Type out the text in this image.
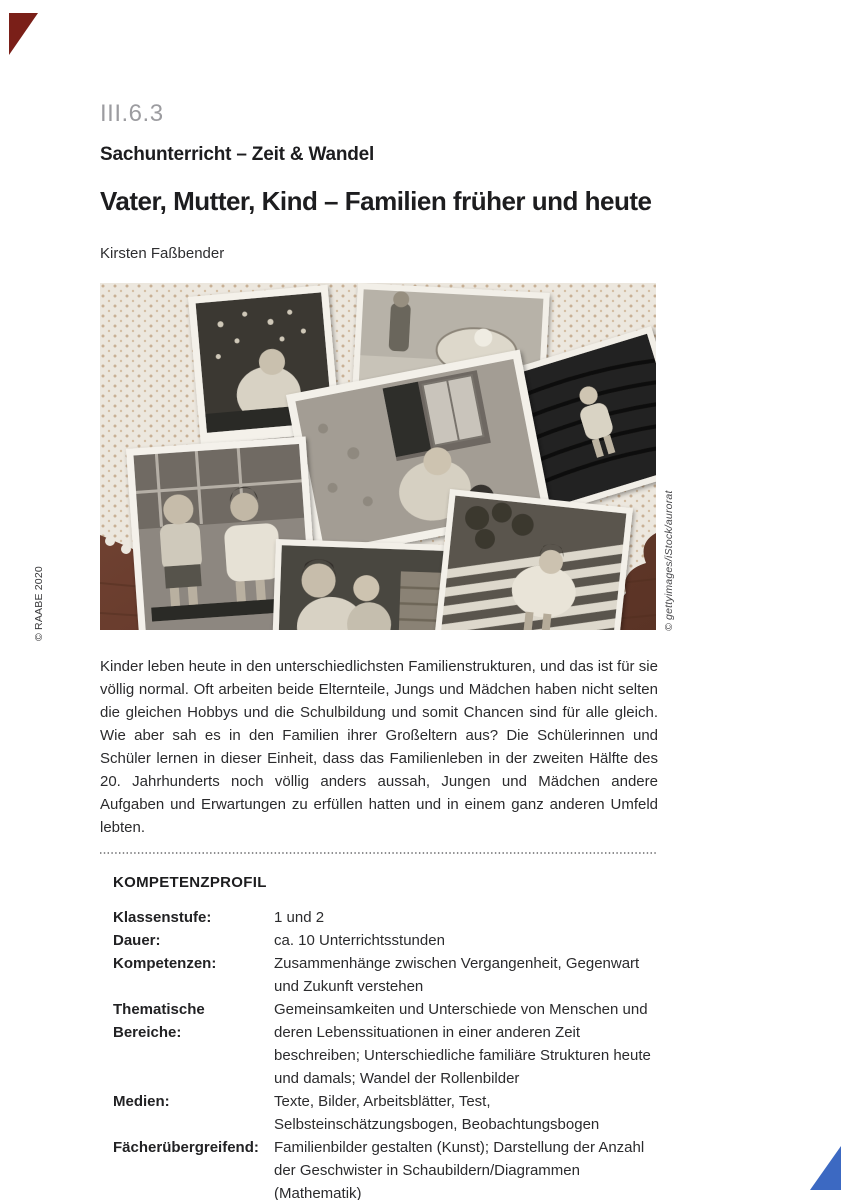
© RAABE 2020	© gettyimages/iStock/aurorat
III.6.3
Sachunterricht – Zeit & Wandel
Vater, Mutter, Kind – Familien früher und heute
Kirsten Faßbender
Kinder leben heute in den unterschiedlichsten Familienstrukturen, und das ist für sie völlig normal. Oft arbeiten beide Elternteile, Jungs und Mädchen haben nicht selten die gleichen Hobbys und die Schulbildung und somit Chancen sind für alle gleich. Wie aber sah es in den Familien ihrer Großeltern aus? Die Schülerinnen und Schüler lernen in dieser Einheit, dass das Familienleben in der zweiten Hälfte des 20. Jahrhunderts noch völlig anders aussah, Jungen und Mädchen andere Aufgaben und Erwartungen zu erfüllen hatten und in einem ganz anderen Umfeld lebten.
KOMPETENZPROFIL
Klassenstufe:	1 und 2
Dauer:	ca. 10 Unterrichtsstunden
Kompetenzen:	Zusammenhänge zwischen Vergangenheit, Gegenwart und Zukunft verstehen
Thematische Bereiche:
Gemeinsamkeiten und Unterschiede von Menschen und deren Lebenssituationen in einer anderen Zeit beschreiben; Unterschiedliche familiäre Strukturen heute und damals; Wandel der Rollenbilder
Medien:	Texte, Bilder, Arbeitsblätter, Test, Selbsteinschätzungsbogen, Beobachtungsbogen
Fächerübergreifend:	Familienbilder gestalten (Kunst); Darstellung der Anzahl der Geschwister in Schaubildern/Diagrammen (Mathematik)
